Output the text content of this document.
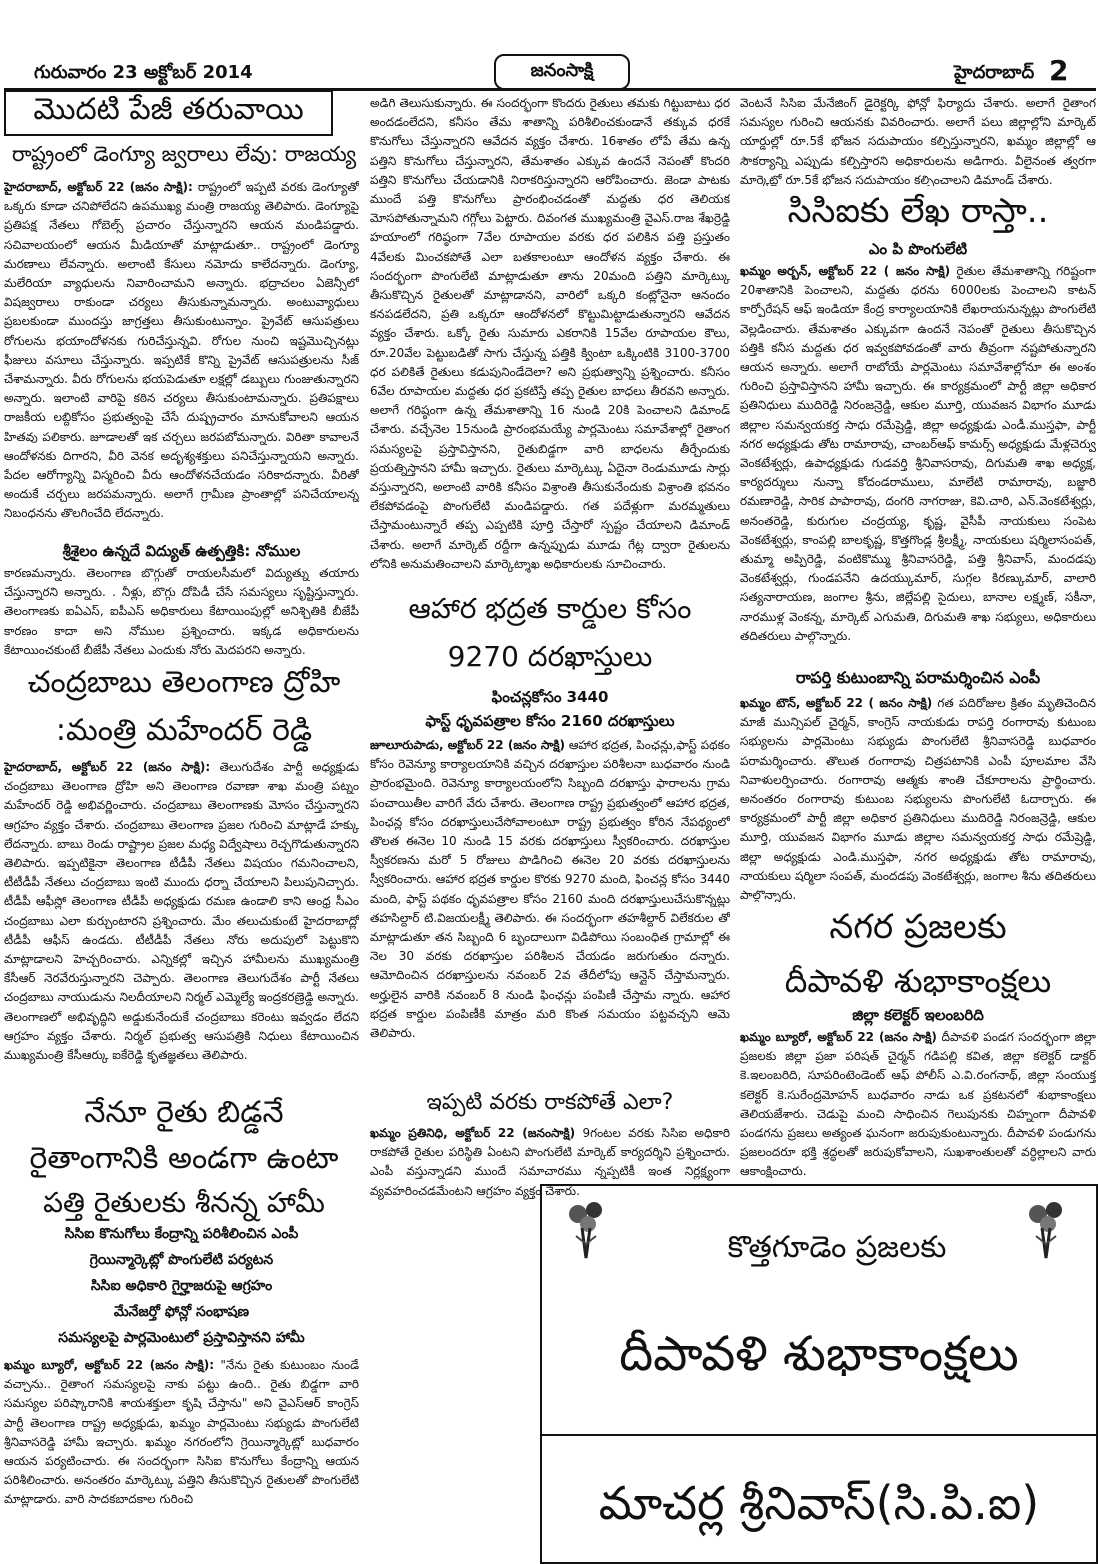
గురువారం 23 అక్టోబర్ 2014	జనంసాక్షి	హైదరాబాద్ 2
మొదటి పేజీ తరువాయి
రాష్ట్రంలో డెంగ్యూ జ్వరాలు లేవు: రాజయ్య

హైదరాబాద్, అక్టోబర్ 22 (జనం సాక్షి): రాష్ట్రంలో ఇప్పటి వరకు డెంగ్యూతో ఒక్కరు కూడా చనిపోలేదని ఉపముఖ్య మంత్రి రాజయ్య తెలిపారు. డెంగ్యూపై ప్రతిపక్ష నేతలు గోబెల్స్ ప్రచారం చేస్తున్నారని ఆయన మండిపడ్డారు. సచివాలయంలో ఆయన మీడియాతో మాట్లాడుతూ.. రాష్ట్రంలో డెంగ్యూ మరణాలు లేవన్నారు. అలాంటి కేసులు నమోదు కాలేదన్నారు. డెంగ్యూ, మలేరియా వ్యాధులను నివారించామని అన్నారు. భద్రాచలం ఏజెన్సీలో విషజ్వరాలు రాకుండా చర్యలు తీసుకున్నామన్నారు. అంటువ్యాధులు ప్రబలకుండా ముందస్తు జాగ్రత్తలు తీసుకుంటున్నాం. ప్రైవేట్ ఆసుపత్రులు రోగులను భయాందోళనకు గురిచేస్తున్నవి. రోగుల నుంచి ఇష్టమొచ్చినట్లు ఫీజులు వసూలు చేస్తున్నారు. ఇప్పటికే కొన్ని ప్రైవేట్ ఆసుపత్రులను సీజ్ చేశామన్నారు. వీరు రోగులను భయపెడుతూ లక్షల్లో డబ్బులు గుంజుతున్నారని అన్నారు. ఇలాంటి వారిపై కఠిన చర్యలు తీసుకుంటామన్నారు. ప్రతిపక్షాలు రాజకీయ లబ్దికోసం ప్రభుత్వంపై చేసే దుష్ప్రచారం మానుకోవాలని ఆయన హితవు పలికారు. జూడాలతో ఇక చర్చలు జరపబోమన్నారు. విరితా కావాలనే ఆందోళనకు దిగారని, వీరి వెనక అదృశ్యశక్తులు పనిచేస్తున్నాయని అన్నారు. పేదల ఆరోగ్యాన్ని విస్మరించి వీరు ఆందోళనచేయడం సరికాదన్నారు. వీరితో అందుకే చర్చలు జరపమన్నారు. అలాగే గ్రామీణ ప్రాంతాల్లో పనిచేయాలన్న నిబంధనను తొలగించేది లేదన్నారు.

శ్రీశైలం ఉన్నదే విద్యుత్ ఉత్పత్తికి: నోముల

కారణమన్నారు. తెలంగాణ బొగ్గుతో రాయలసీమలో విద్యుత్ను తయారు చేస్తున్నారని అన్నారు. . నీళ్లు, బొగ్గు దోపిడీ చేసే సమస్యలు సృష్టిస్తున్నారు. తెలంగాణకు ఐఏఎస్, ఐపీఎస్ అధికారులు కేటాయింపుల్లో అనిశ్చితికి బీజేపీ కారణం కాదా అని నోముల ప్రశ్నించారు. ఇక్కడ అధికారులను కేటాయించకుంటే బీజేపీ నేతలు ఎందుకు నోరు మెదపరని అన్నారు.

చంద్రబాబు తెలంగాణ ద్రోహి
:మంత్రి మహేందర్ రెడ్డి

హైదరాబాద్, అక్టోబర్ 22 (జనం సాక్షి): తెలుగుదేశం పార్టీ అధ్యక్షుడు చంద్రబాబు తెలంగాణ ద్రోహి అని తెలంగాణ రవాణా శాఖ మంత్రి పట్నం మహేందర్ రెడ్డి అభివర్ణించారు. చంద్రబాబు తెలంగాణకు మోసం చేస్తున్నారని ఆగ్రహం వ్యక్తం చేశారు. చంద్రబాబు తెలంగాణ ప్రజల గురించి మాట్లాడే హక్కు లేదన్నారు. బాబు రెండు రాష్ట్రాల ప్రజల మధ్య విద్వేషాలు రెచ్చగొడుతున్నారని తెలిపారు. ఇప్పటికైనా తెలంగాణ టీడీపీ నేతలు విషయం గమనించాలని, టీటీడీపీ నేతలు చంద్రబాబు ఇంటి ముందు ధర్నా చేయాలని పిలుపునిచ్చారు. టీడీపీ ఆఫీస్లో తెలంగాణ టీడీపీ అధ్యక్షుడు రమణ ఉండాలి కాని ఆంధ్ర సీఎం చంద్రబాబు ఎలా కుర్చుంటారని ప్రశ్నించారు. మేం తలుచుకుంటే హైదరాబాద్లో టీడీపీ ఆఫీస్ ఉండదు. టీటీడీపీ నేతలు నోరు అదుపులో పెట్టుకొని మాట్లాడాలని హెచ్చరించారు. ఎన్నికల్లో ఇచ్చిన హామీలను ముఖ్యమంత్రి కేసీఆర్ నెరవేరుస్తున్నారని చెప్పారు. తెలంగాణ తెలుగుదేశం పార్టీ నేతలు చంద్రబాబు నాయుడును నిలదీయాలని నిర్మల్ ఎమ్మెల్యే ఇంద్రకరణ్రెడ్డి అన్నారు. తెలంగాణలో అభివృద్ధిని అడ్డుకునేందుకే చంద్రబాబు కరెంటు ఇవ్వడం లేదని ఆగ్రహం వ్యక్తం చేశారు. నిర్మల్ ప్రభుత్వ ఆసుపత్రికి నిధులు కేటాయించిన ముఖ్యమంత్రి కేసీఆర్కు ఐకేరెడ్డి కృతజ్ఞతలు తెలిపారు.

నేనూ రైతు బిడ్డనే
రైతాంగానికి అండగా ఉంటా
పత్తి రైతులకు శీనన్న హామీ
సిసిఐ కొనుగోలు కేంద్రాన్ని పరిశీలించిన ఎంపీ
గ్రెయిన్మార్కెట్లో పొంగులేటి పర్యటన
సిసిఐ అధికారి గైర్హాజరుపై ఆగ్రహం
మేనేజర్తో ఫోన్లో సంభాషణ
సమస్యలపై పార్లమెంటులో ప్రస్తావిస్తానని హామీ

ఖమ్మం బ్యూరో, అక్టోబర్ 22 (జనం సాక్షి): "నేను రైతు కుటుంబం నుండే వచ్చాను.. రైతాంగ సమస్యలపై నాకు పట్టు ఉంది.. రైతు బిడ్డగా వారి సమస్యల పరిష్కారానికి శాయశక్తులా కృషి చేస్తాను" అని వైఎస్ఆర్ కాంగ్రెస్ పార్టీ తెలంగాణ రాష్ట్ర అధ్యక్షుడు, ఖమ్మం పార్లమెంటు సభ్యుడు పొంగులేటి శ్రీనివాసరెడ్డి హామీ ఇచ్చారు. ఖమ్మం నగరంలోని గ్రెయిన్మార్కెట్లో బుధవారం ఆయన పర్యటించారు. ఈ సందర్భంగా సిసిఐ కొనుగోలు కేంద్రాన్ని ఆయన పరిశీలించారు. అనంతరం మార్కెట్కు పత్తిని తీసుకొచ్చిన రైతులతో పొంగులేటి మాట్లాడారు. వారి సాదకబాదకాల గురించి

అడిగి తెలుసుకున్నారు. ఈ సందర్భంగా కొందరు రైతులు తమకు గిట్టుబాటు ధర అందడంలేదని, కనీసం తేమ శాతాన్ని పరిశీలించకుండానే తక్కువ ధరకే కొనుగోలు చేస్తున్నారని ఆవేదన వ్యక్తం చేశారు. 16శాతం లోపే తేమ ఉన్న పత్తిని కొనుగోలు చేస్తున్నారని, తేమశాతం ఎక్కువ ఉందనే నెపంతో కొందరి పత్తిని కొనుగోలు చేయడానికి నిరాకరిస్తున్నారని ఆరోపించారు. జెండా పాటకు ముందే పత్తి కొనుగోలు ప్రారంభించడంతో మద్దతు ధర తెలియక మోసపోతున్నామని గగ్గోలు పెట్టారు. దివంగత ముఖ్యమంత్రి వైఎస్.రాజ శేఖర్రెడ్డి హయాంలో గరిష్ఠంగా 7వేల రూపాయల వరకు ధర పలికిన పత్తి ప్రస్తుతం 4వేలకు మించకపోతే ఎలా బతకాలంటూ ఆందోళన వ్యక్తం చేశారు. ఈ సందర్భంగా పొంగులేటి మాట్లాడుతూ తాను 20మంది పత్తిని మార్కెట్కు తీసుకొచ్చిన రైతులతో మాట్లాడానని, వారిలో ఒక్కరి కంట్లోనైనా ఆనందం కనపడలేదని, ప్రతి ఒక్కరూ ఆందోళనలో కొట్టుమిట్టాడుతున్నారని ఆవేదన వ్యక్తం చేశారు. ఒక్కో రైతు సుమారు ఎకరానికి 15వేల రూపాయల కౌలు, రూ.20వేల పెట్టుబడితో సాగు చేస్తున్న పత్తికి క్వింటా ఒక్కింటికి 3100-3700 ధర పలికితే రైతులు కడుపునిండేదెలా? అని ప్రభుత్వాన్ని ప్రశ్నించారు. కనీసం 6వేల రూపాయల మద్దతు ధర ప్రకటిస్తే తప్ప రైతుల బాధలు తీరవని అన్నారు. అలాగే గరిష్ఠంగా ఉన్న తేమశాతాన్ని 16 నుండి 20కి పెంచాలని డిమాండ్ చేశారు. వచ్చేనెల 15నుండి ప్రారంభమయ్యే పార్లమెంటు సమావేశాల్లో రైతాంగ సమస్యలపై ప్రస్తావిస్తానని, రైతుబిడ్డగా వారి బాధలను తీర్చేందుకు ప్రయత్నిస్తానని హామీ ఇచ్చారు. రైతులు మార్కెట్కు ఏదైనా రెండుమూడు సార్లు వస్తున్నారని, అలాంటి వారికి కనీసం విశ్రాంతి తీసుకునేందుకు విశ్రాంతి భవనం లేకపోవడంపై పొంగులేటి మండిపడ్డారు. గత పదేళ్లుగా మరమ్మతులు చేస్తామంటున్నారే తప్ప ఎప్పటికి పూర్తి చేస్తారో స్పష్టం చేయాలని డిమాండ్ చేశారు. అలాగే మార్కెట్ రద్దీగా ఉన్నప్పుడు మూడు గేట్ల ద్వారా రైతులను లోనికి అనుమతించాలని మార్కెట్శాఖ అధికారులకు సూచించారు.

ఆహార భద్రత కార్డుల కోసం
9270 దరఖాస్తులు
ఫించన్లకోసం 3440
ఫాస్ట్ ధృవపత్రాల కోసం 2160 దరఖాస్తులు

జూలూరుపాడు, అక్టోబర్ 22 (జనం సాక్షి) ఆహార భద్రత, పింఛన్లు,ఫాస్ట్ పథకం కోసం రెవెన్యూ కార్యాలయానికి వచ్చిన దరఖాస్తుల పరిశీలనా బుధవారం నుండి ప్రారంభమైంది. రెవెన్యూ కార్యాలయంలోని సిబ్బంది దరఖాస్తు ఫారాలను గ్రామ పంచాయితీల వారిగే వేరు చేశారు. తెలంగాణ రాష్ట్ర ప్రభుత్వంలో ఆహార భద్రత, పింఛన్ల కోసం దరఖాస్తులుచేసోవాలంటూ రాష్ట్ర ప్రభుత్వం కోరిన నేపథ్యంలో తొలత ఈనెల 10 నుండి 15 వరకు దరఖాస్తులు స్వీకరించారు. దరఖాస్తుల స్వీకరణను మరో 5 రోజులు పొడిగించి ఈనెల 20 వరకు దరఖాస్తులను స్వీకరించారు. ఆహార భద్రత కార్డుల కొరకు 9270 మంది, ఫించన్ల కోసం 3440 మంది, ఫాస్ట్ పథకం ధృవపత్రాల కోసం 2160 మంది దరఖాస్తులుచేసుకొన్నట్లు తహసిల్దార్ టి.విజయలక్ష్మీ తెలిపారు. ఈ సందర్భంగా తహశీల్దార్ విలేకరుల తో మాట్లాడుతూ తన సిబ్బంది 6 బృందాలుగా విడిపోయి సంబంధిత గ్రామాల్లో ఈ నెల 30 వరకు దరఖాస్తుల పరిశీలన చేయడం జరుగుతుం దన్నారు. ఆమోదించిన దరఖాస్తులను నవంబర్ 2వ తేదీలోపు ఆన్లైన్ చేస్తామన్నారు. అర్హులైన వారికి నవంబర్ 8 నుండి ఫింఛన్లు పంపిణీ చేస్తామ న్నారు. ఆహార భద్రత కార్డుల పంపిణీకి మాత్రం మరి కొంత సమయం పట్టవచ్చని ఆమె తెలిపారు.

ఇప్పటి వరకు రాకపోతే ఎలా?

ఖమ్మం ప్రతినిధి, అక్టోబర్ 22 (జనంసాక్షి) 9గంటల వరకు సిసిఐ అధికారి రాకపోతే రైతుల పరిస్థితి ఏంటని పొంగులేటి మార్కెట్ కార్యదర్శిని ప్రశ్నించారు. ఎంపీ వస్తున్నాడని ముందే సమాచారము న్నప్పటికీ ఇంత నిర్లక్ష్యంగా వ్యవహరించడమేంటని ఆగ్రహం వ్యక్తం చేశారు.

వెంటనే సిసిఐ మేనేజింగ్ డైరెక్టర్కి ఫోన్లో ఫిర్యాదు చేశారు. అలాగే రైతాంగ సమస్యల గురించి ఆయనకు వివరించారు. అలాగే పలు జిల్లాల్లోని మార్కెట్ యార్డుల్లో రూ.5కే భోజన సదుపాయం కల్పిస్తున్నారని, ఖమ్మం జిల్లాల్లో ఆ సౌకర్యాన్ని ఎప్పుడు కల్పిస్తారని అధికారులను అడిగారు. వీలైనంత త్వరగా మార్కెట్లో రూ.5కే భోజన సదుపాయం కల్పించాలని డిమాండ్ చేశారు.

సిసిఐకు లేఖ రాస్తా..
ఎం పి పొంగులేటి

ఖమ్మం అర్బన్, అక్టోబర్ 22 ( జనం సాక్షి) రైతుల తేమశాతాన్ని గరిష్టంగా 20శాతానికి పెంచాలని, మద్దతు ధరను 6000లకు పెంచాలని కాటన్ కార్పోరేషన్ ఆఫ్ ఇండియా కేంద్ర కార్యాలయానికి లేఖరాయనున్నట్లు పొంగులేటి వెల్లడించారు. తేమశాతం ఎక్కువగా ఉందనే నెపంతో రైతులు తీసుకొచ్చిన పత్తికి కనీస మద్దతు ధర ఇవ్వకపోవడంతో వారు తీవ్రంగా నష్టపోతున్నారని ఆయన అన్నారు. అలాగే రాబోయే పార్లమెంటు సమావేశాల్లోనూ ఈ అంశం గురించి ప్రస్తావిస్తానని హామీ ఇచ్చారు. ఈ కార్యక్రమంలో పార్టీ జిల్లా అధికార ప్రతినిధులు ముదిరెడ్డి నిరంజన్రెడ్డి, ఆకుల మూర్తి, యువజన విభాగం మూడు జిల్లాల సమన్వయకర్త సాధు రమేష్రెడ్డి, జిల్లా అధ్యక్షుడు ఎండీ.ముస్తఫా, పార్టీ నగర అధ్యక్షుడు తోట రామారావు, చాంబర్ఆఫ్ కామర్స్ అధ్యక్షుడు మేళ్లచెర్వు వెంకటేశ్వర్లు, ఉపాధ్యక్షుడు గుడవర్తి శ్రీనివాసరావు, దిగుమతి శాఖ అధ్యక్ష, కార్యదర్శులు నున్నా కోదండరాములు, మాలేటి రామారావు, బజ్జారి రమణారెడ్డి, సారిక పాపారావు, దంగరి నాగరాజు, కెవి.చారి, ఎన్.వెంకటేశ్వర్లు, అనంతరెడ్డి, కురుగుల చంద్రయ్య, కృష్ణ, వైసీపీ నాయకులు సంపెట వెంకటేశ్వర్లు, కాంపల్లి బాలకృష్ణ, కొత్తగొండ్ల శ్రీలక్ష్మీ, నాయకులు షర్మిలాసంపత్, తుమ్మా అప్పిరెడ్డి, వంటికొమ్ము శ్రీనివాసరెడ్డి, పత్తి శ్రీనివాస్, మందడపు వెంకటేశ్వర్లు, గుండపనేని ఉదయ్కుమార్, సుగ్గల కిరణ్కుమార్, వాలారి సత్యనారాయణ, జంగాల శ్రీను, జిల్లేపల్లి సైదులు, బానాల లక్ష్మణ్, సకీనా, నారముళ్ల వెంకన్న, మార్కెట్ ఎగుమతి, దిగుమతి శాఖ సభ్యులు, అధికారులు తదితరులు పాల్గొన్నారు.

రాపర్తి కుటుంబాన్ని పరామర్శించిన ఎంపీ

ఖమ్మం టౌన్, అక్టోబర్ 22 ( జనం సాక్షి) గత పదిరోజుల క్రితం మృతిచెందిన మాజీ మున్సిపల్ చైర్మన్, కాంగ్రెస్ నాయకుడు రాపర్తి రంగారావు కుటుంబ సభ్యులను పార్లమెంటు సభ్యుడు పొంగులేటి శ్రీనివాసరెడ్డి బుధవారం పరామర్శించారు. తొలుత రంగారావు చిత్రపటానికి ఎంపీ పూలమాల వేసి నివాళులర్పించారు. రంగారావు ఆత్మకు శాంతి చేకూరాలను ప్రార్థించారు. అనంతరం రంగారావు కుటుంబ సభ్యులను పొంగులేటి ఓదార్చారు. ఈ కార్యక్రమంలో పార్టీ జిల్లా అధికార ప్రతినిధులు ముదిరెడ్డి నిరంజన్రెడ్డి, ఆకుల మూర్తి, యువజన విభాగం మూడు జిల్లాల సమన్వయకర్త సాధు రమేష్రెడ్డి, జిల్లా అధ్యక్షుడు ఎండి.ముస్తఫా, నగర అధ్యక్షుడు తోట రామారావు, నాయకులు షర్మిలా సంపత్, మందడపు వెంకటేశ్వర్లు, జంగాల శీను తదితరులు పాల్గొన్నారు.

నగర ప్రజలకు
దీపావళి శుభాకాంక్షలు
జిల్లా కలెక్టర్ ఇలంబరిది

ఖమ్మం బ్యూరో, అక్టోబర్ 22 (జనం సాక్షి) దీపావళి పండగ సందర్భంగా జిల్లా ప్రజలకు జిల్లా ప్రజా పరిషత్ చైర్మన్ గడిపల్లి కవిత, జిల్లా కలెక్టర్ డాక్టర్ కె.ఇలంబరిది, సూపరింటెండెంట్ ఆఫ్ పోలీస్ ఎ.వి.రంగనాథ్, జిల్లా సంయుక్త కలెక్టర్ కె.సురేంద్రమోహన్ బుధవారం నాడు ఒక ప్రకటనలో శుభాకాంక్షలు తెలియజేశారు. చెడుపై మంచి సాధించిన గెలుపునకు చిహ్నంగా దీపావళి పండగను ప్రజలు అత్యంత ఘనంగా జరుపుకుంటున్నారు. దీపావళి పండుగను ప్రజలందరూ భక్తి శ్రద్ధలతో జరుపుకోవాలని, సుఖశాంతులతో వర్ధిల్లాలని వారు ఆకాంక్షించారు.

కొత్తగూడెం ప్రజలకు
దీపావళి శుభాకాంక్షలు
మాచర్ల శ్రీనివాస్(సి.పి.ఐ)
